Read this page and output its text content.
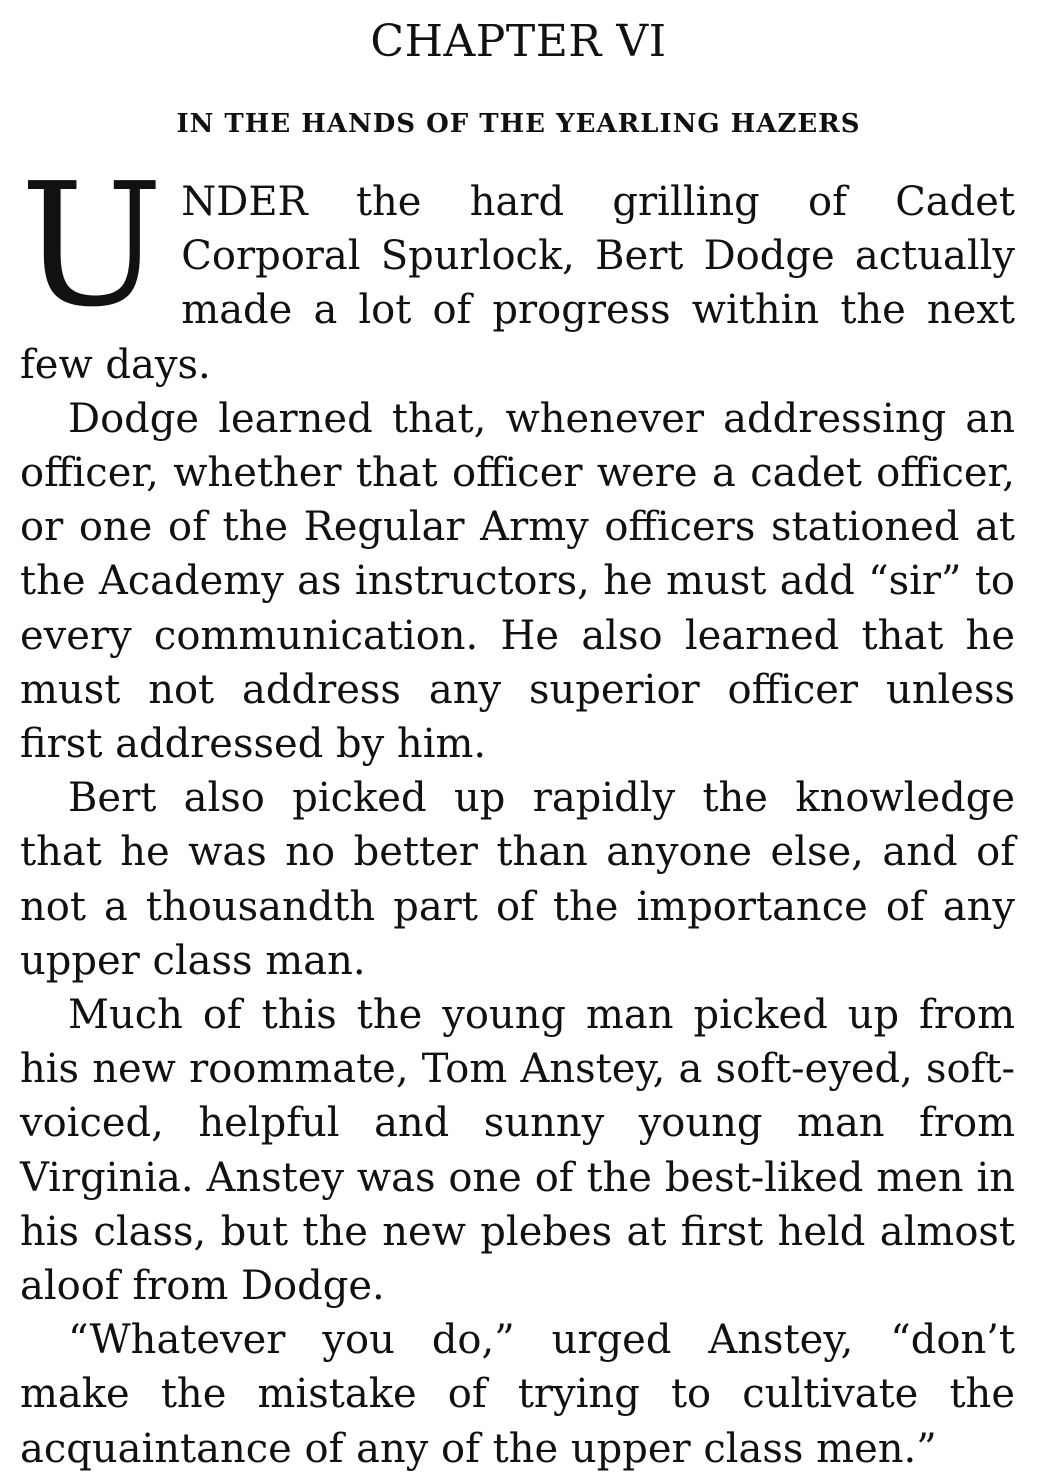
CHAPTER VI
IN THE HANDS OF THE YEARLING HAZERS

UNDER the hard grilling of Cadet Corporal Spurlock, Bert Dodge actually made a lot of progress within the next few days.

Dodge learned that, whenever addressing an officer, whether that officer were a cadet officer, or one of the Regular Army officers stationed at the Academy as instructors, he must add “sir” to every communication. He also learned that he must not address any superior officer unless first addressed by him.

Bert also picked up rapidly the knowledge that he was no better than anyone else, and of not a thousandth part of the importance of any upper class man.

Much of this the young man picked up from his new roommate, Tom Anstey, a soft-eyed, soft-voiced, helpful and sunny young man from Virginia. Anstey was one of the best-liked men in his class, but the new plebes at first held almost aloof from Dodge.

“Whatever you do,” urged Anstey, “don’t make the mistake of trying to cultivate the acquaintance of any of the upper class men.”
